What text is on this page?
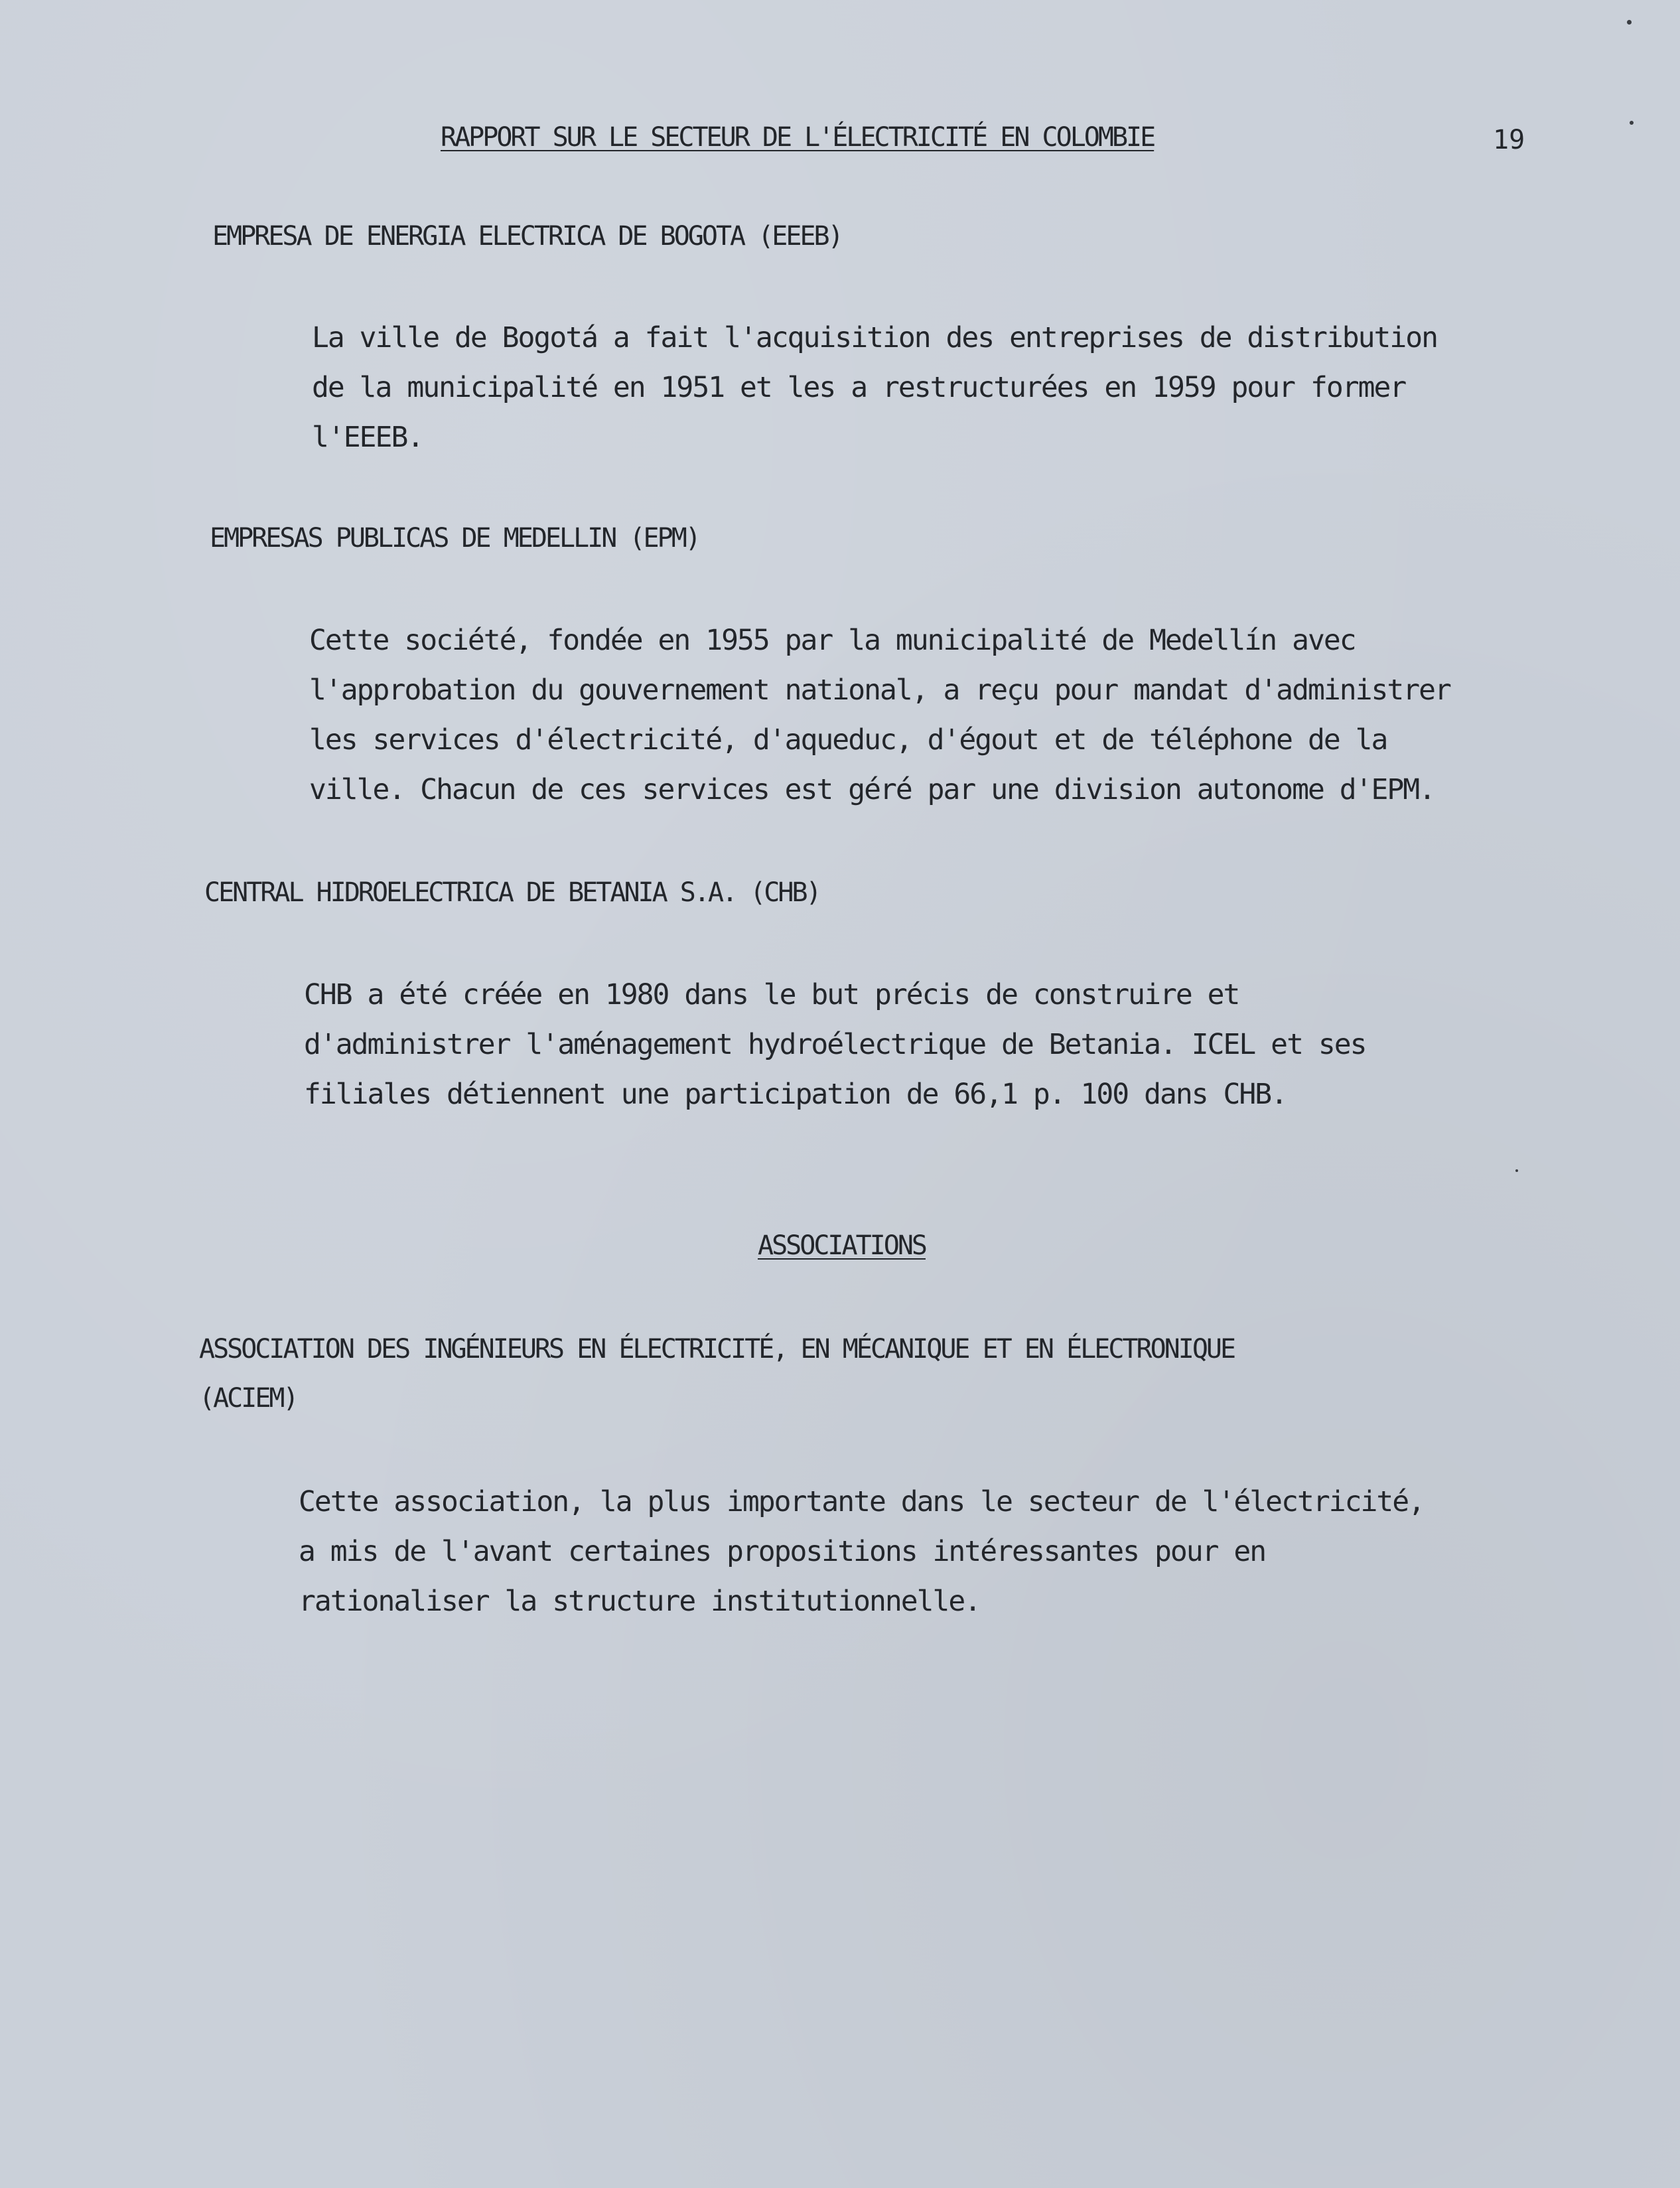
RAPPORT SUR LE SECTEUR DE L'ÉLECTRICITÉ EN COLOMBIE	19
EMPRESA DE ENERGIA ELECTRICA DE BOGOTA (EEEB)
La ville de Bogotá a fait l'acquisition des entreprises de distribution
de la municipalité en 1951 et les a restructurées en 1959 pour former
l'EEEB.
EMPRESAS PUBLICAS DE MEDELLIN (EPM)
Cette société, fondée en 1955 par la municipalité de Medellín avec
l'approbation du gouvernement national, a reçu pour mandat d'administrer
les services d'électricité, d'aqueduc, d'égout et de téléphone de la
ville. Chacun de ces services est géré par une division autonome d'EPM.
CENTRAL HIDROELECTRICA DE BETANIA S.A. (CHB)
CHB a été créée en 1980 dans le but précis de construire et
d'administrer l'aménagement hydroélectrique de Betania. ICEL et ses
filiales détiennent une participation de 66,1 p. 100 dans CHB.
ASSOCIATIONS
ASSOCIATION DES INGÉNIEURS EN ÉLECTRICITÉ, EN MÉCANIQUE ET EN ÉLECTRONIQUE
(ACIEM)
Cette association, la plus importante dans le secteur de l'électricité,
a mis de l'avant certaines propositions intéressantes pour en
rationaliser la structure institutionnelle.
